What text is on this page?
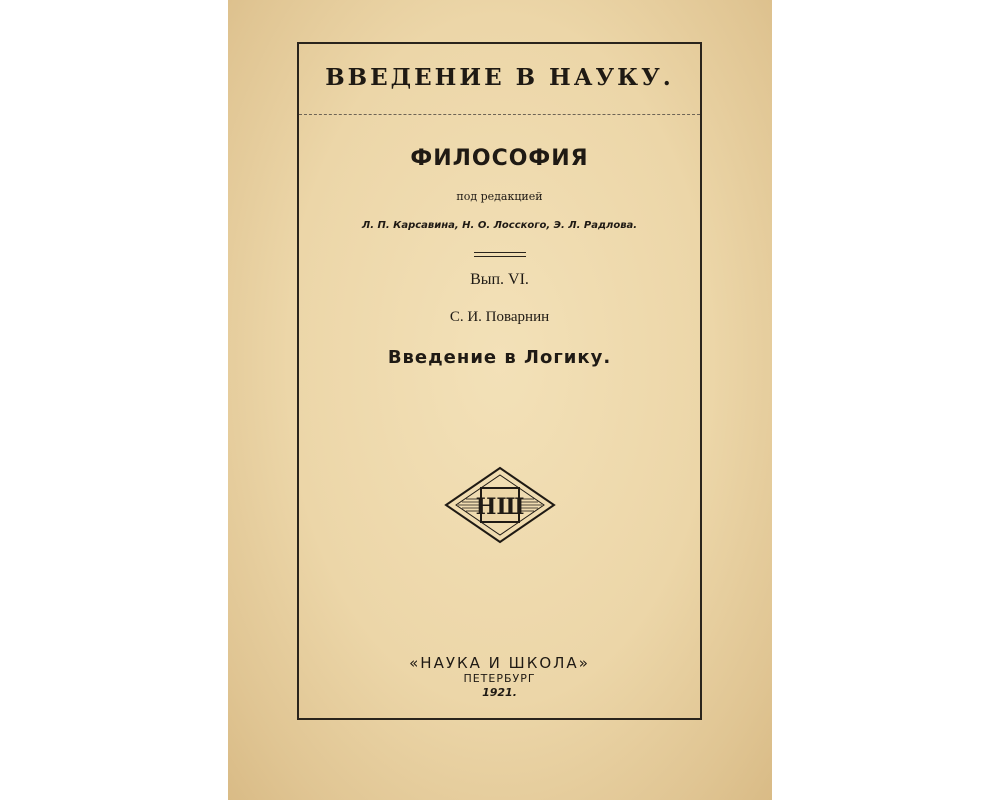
ВВЕДЕНИЕ В НАУКУ.
ФИЛОСОФИЯ
под редакцией
Л. П. Карсавина, Н. О. Лосского, Э. Л. Радлова.
Вып. VI.
С. И. Поварнин
Введение в Логику.
НШ
«НАУКА И ШКОЛА»
ПЕТЕРБУРГ
1921.
